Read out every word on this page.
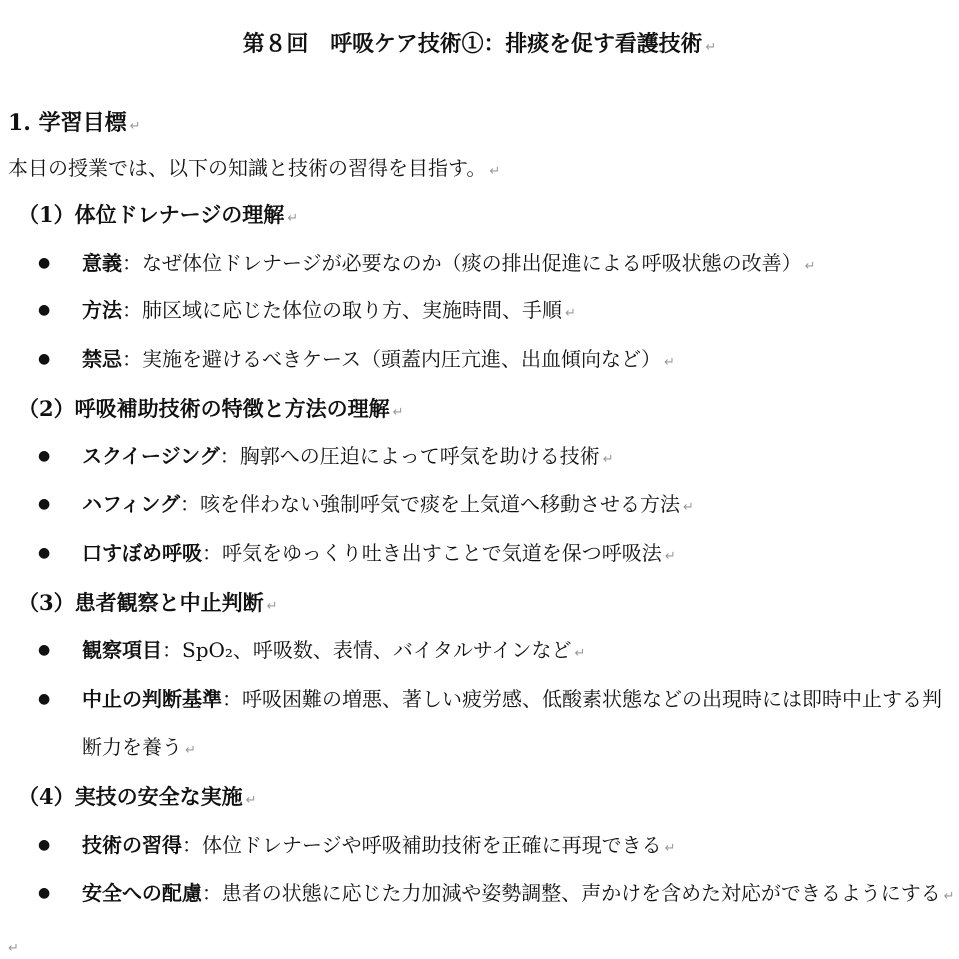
第８回　呼吸ケア技術①：排痰を促す看護技術 ↵
1. 学習目標 ↵
本日の授業では、以下の知識と技術の習得を目指す。 ↵
（1）体位ドレナージの理解 ↵
● 意義：なぜ体位ドレナージが必要なのか（痰の排出促進による呼吸状態の改善） ↵
● 方法：肺区域に応じた体位の取り方、実施時間、手順 ↵
● 禁忌：実施を避けるべきケース（頭蓋内圧亢進、出血傾向など） ↵
（2）呼吸補助技術の特徴と方法の理解 ↵
● スクイージング：胸郭への圧迫によって呼気を助ける技術 ↵
● ハフィング：咳を伴わない強制呼気で痰を上気道へ移動させる方法 ↵
● 口すぼめ呼吸：呼気をゆっくり吐き出すことで気道を保つ呼吸法 ↵
（3）患者観察と中止判断 ↵
● 観察項目：SpO₂、呼吸数、表情、バイタルサインなど ↵
● 中止の判断基準：呼吸困難の増悪、著しい疲労感、低酸素状態などの出現時には即時中止する判
断力を養う ↵
（4）実技の安全な実施 ↵
● 技術の習得：体位ドレナージや呼吸補助技術を正確に再現できる ↵
● 安全への配慮：患者の状態に応じた力加減や姿勢調整、声かけを含めた対応ができるようにする ↵
↵
